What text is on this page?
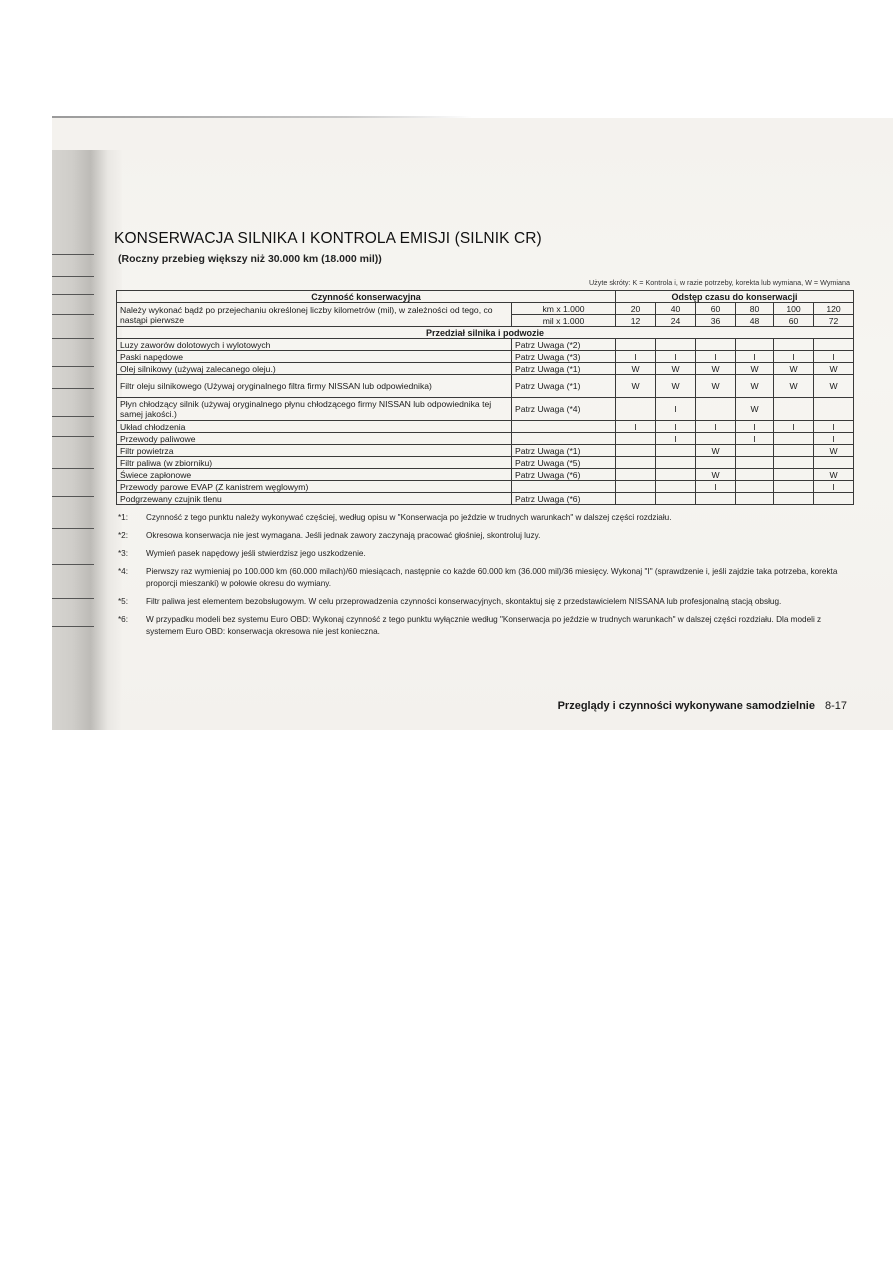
KONSERWACJA SILNIKA I KONTROLA EMISJI (SILNIK CR)
(Roczny przebieg większy niż 30.000 km (18.000 mil))
Użyte skróty: K = Kontrola i, w razie potrzeby, korekta lub wymiana, W = Wymiana
Czynność konserwacyjna		Odstęp czasu do konserwacji					
Należy wykonać bądź po przejechaniu określonej liczby kilometrów (mil), w zależności od tego, co nastąpi pierwsze	km x 1.000	20	40	60	80	100	120
	mil x 1.000	12	24	36	48	60	72
Przedział silnika i podwozie							
Luzy zaworów dolotowych i wylotowych	Patrz Uwaga (*2)						
Paski napędowe	Patrz Uwaga (*3)	I	I	I	I	I	I
Olej silnikowy (używaj zalecanego oleju.)	Patrz Uwaga (*1)	W	W	W	W	W	W
Filtr oleju silnikowego (Używaj oryginalnego filtra firmy NISSAN lub odpowiednika)	Patrz Uwaga (*1)	W	W	W	W	W	W
Płyn chłodzący silnik (używaj oryginalnego płynu chłodzącego firmy NISSAN lub odpowiednika tej samej jakości.)	Patrz Uwaga (*4)		I		W		
Układ chłodzenia		I	I	I	I	I	I
Przewody paliwowe			I		I		I
Filtr powietrza	Patrz Uwaga (*1)			W			W
Filtr paliwa (w zbiorniku)	Patrz Uwaga (*5)						
Świece zapłonowe	Patrz Uwaga (*6)			W			W
Przewody parowe EVAP (Z kanistrem węglowym)				I			I
Podgrzewany czujnik tlenu	Patrz Uwaga (*6)						
*1: Czynność z tego punktu należy wykonywać częściej, według opisu w "Konserwacja po jeździe w trudnych warunkach" w dalszej części rozdziału.
*2: Okresowa konserwacja nie jest wymagana. Jeśli jednak zawory zaczynają pracować głośniej, skontroluj luzy.
*3: Wymień pasek napędowy jeśli stwierdzisz jego uszkodzenie.
*4: Pierwszy raz wymieniaj po 100.000 km (60.000 milach)/60 miesiącach, następnie co każde 60.000 km (36.000 mil)/36 miesięcy. Wykonaj "I" (sprawdzenie i, jeśli zajdzie taka potrzeba, korekta proporcji mieszanki) w połowie okresu do wymiany.
*5: Filtr paliwa jest elementem bezobsługowym. W celu przeprowadzenia czynności konserwacyjnych, skontaktuj się z przedstawicielem NISSANA lub profesjonalną stacją obsług.
*6: W przypadku modeli bez systemu Euro OBD: Wykonaj czynność z tego punktu wyłącznie według "Konserwacja po jeździe w trudnych warunkach" w dalszej części rozdziału. Dla modeli z systemem Euro OBD: konserwacja okresowa nie jest konieczna.
Przeglądy i czynności wykonywane samodzielnie 8-17
